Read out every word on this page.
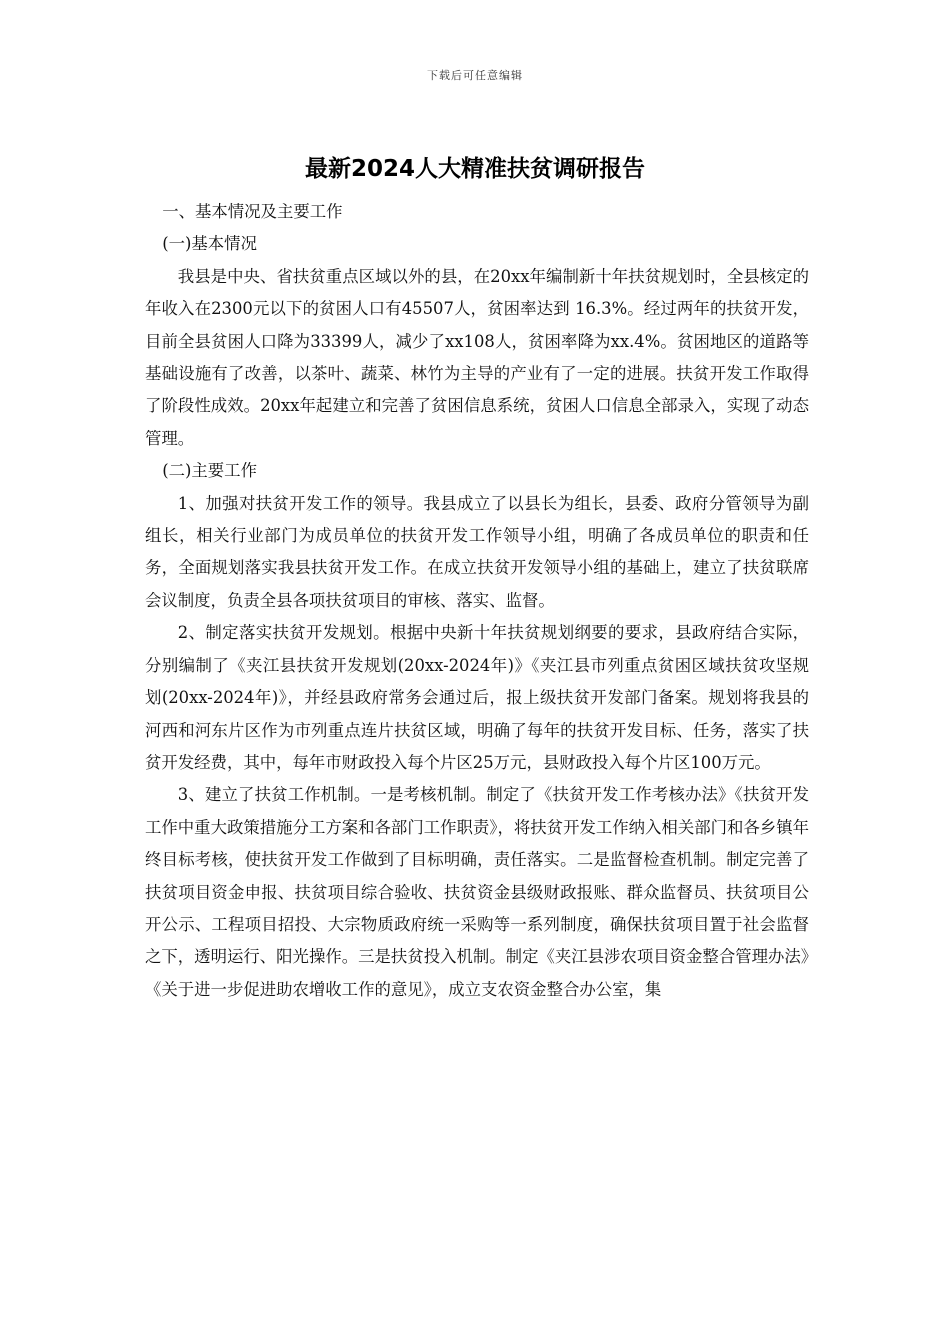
下载后可任意编辑
最新2024人大精准扶贫调研报告

一、基本情况及主要工作

(一)基本情况

我县是中央、省扶贫重点区域以外的县，在20xx年编制新十年扶贫规划时，全县核定的年收入在2300元以下的贫困人口有45507人，贫困率达到 16.3%。经过两年的扶贫开发，目前全县贫困人口降为33399人，减少了xx108人，贫困率降为xx.4%。贫困地区的道路等基础设施有了改善，以茶叶、蔬菜、林竹为主导的产业有了一定的进展。扶贫开发工作取得了阶段性成效。20xx年起建立和完善了贫困信息系统，贫困人口信息全部录入，实现了动态管理。

(二)主要工作

1、加强对扶贫开发工作的领导。我县成立了以县长为组长，县委、政府分管领导为副组长，相关行业部门为成员单位的扶贫开发工作领导小组，明确了各成员单位的职责和任务，全面规划落实我县扶贫开发工作。在成立扶贫开发领导小组的基础上，建立了扶贫联席会议制度，负责全县各项扶贫项目的审核、落实、监督。

2、制定落实扶贫开发规划。根据中央新十年扶贫规划纲要的要求，县政府结合实际，分别编制了《夹江县扶贫开发规划(20xx-2024年)》《夹江县市列重点贫困区域扶贫攻坚规划(20xx-2024年)》，并经县政府常务会通过后，报上级扶贫开发部门备案。规划将我县的河西和河东片区作为市列重点连片扶贫区域，明确了每年的扶贫开发目标、任务，落实了扶贫开发经费，其中，每年市财政投入每个片区25万元，县财政投入每个片区100万元。

3、建立了扶贫工作机制。一是考核机制。制定了《扶贫开发工作考核办法》《扶贫开发工作中重大政策措施分工方案和各部门工作职责》，将扶贫开发工作纳入相关部门和各乡镇年终目标考核，使扶贫开发工作做到了目标明确，责任落实。二是监督检查机制。制定完善了扶贫项目资金申报、扶贫项目综合验收、扶贫资金县级财政报账、群众监督员、扶贫项目公开公示、工程项目招投、大宗物质政府统一采购等一系列制度，确保扶贫项目置于社会监督之下，透明运行、阳光操作。三是扶贫投入机制。制定《夹江县涉农项目资金整合管理办法》《关于进一步促进助农增收工作的意见》，成立支农资金整合办公室，集
